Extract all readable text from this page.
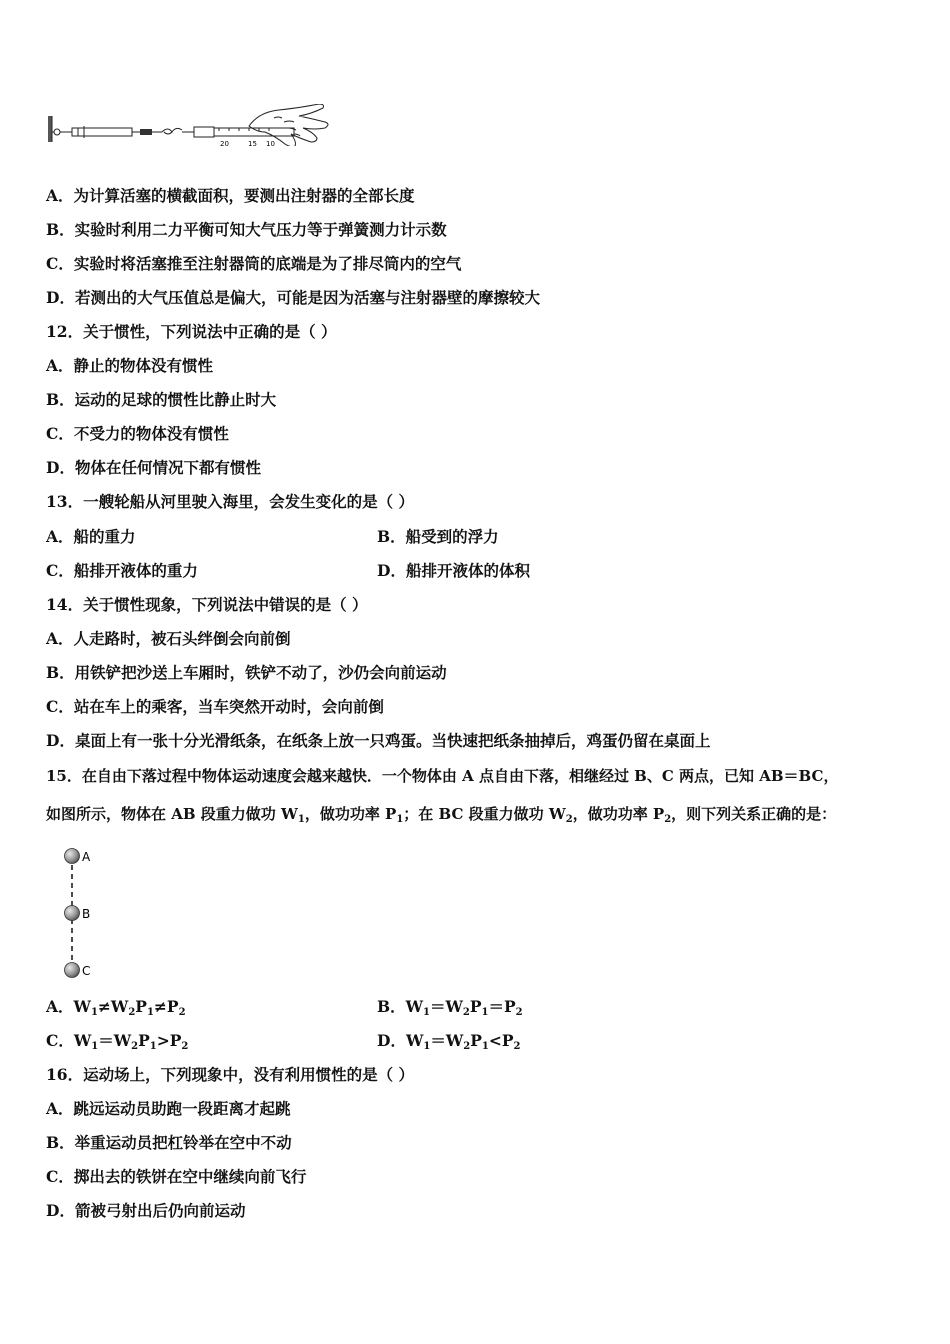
20	15 10
A．为计算活塞的横截面积，要测出注射器的全部长度
B．实验时利用二力平衡可知大气压力等于弹簧测力计示数
C．实验时将活塞推至注射器筒的底端是为了排尽筒内的空气
D．若测出的大气压值总是偏大，可能是因为活塞与注射器壁的摩擦较大
12．关于惯性，下列说法中正确的是（ ）
A．静止的物体没有惯性
B．运动的足球的惯性比静止时大
C．不受力的物体没有惯性
D．物体在任何情况下都有惯性
13．一艘轮船从河里驶入海里，会发生变化的是（ ）
A．船的重力	B．船受到的浮力
C．船排开液体的重力	D．船排开液体的体积
14．关于惯性现象，下列说法中错误的是（ ）
A．人走路时，被石头绊倒会向前倒
B．用铁铲把沙送上车厢时，铁铲不动了，沙仍会向前运动
C．站在车上的乘客，当车突然开动时，会向前倒
D．桌面上有一张十分光滑纸条，在纸条上放一只鸡蛋。当快速把纸条抽掉后，鸡蛋仍留在桌面上
15．在自由下落过程中物体运动速度会越来越快．一个物体由 A 点自由下落，相继经过 B、C 两点，已知 AB＝BC，
如图所示，物体在 AB 段重力做功 $W_1$，做功功率 $P_1$；在 BC 段重力做功 $W_2$，做功功率 $P_2$，则下列关系正确的是：
A
B
C
A．$W_1\ne W_2P_1\ne P_2$	B．$W_1=W_2P_1=P_2$
C．$W_1=W_2P_1>P_2$	D．$W_1=W_2P_1<P_2$
16．运动场上，下列现象中，没有利用惯性的是（ ）
A．跳远运动员助跑一段距离才起跳
B．举重运动员把杠铃举在空中不动
C．掷出去的铁饼在空中继续向前飞行
D．箭被弓射出后仍向前运动
